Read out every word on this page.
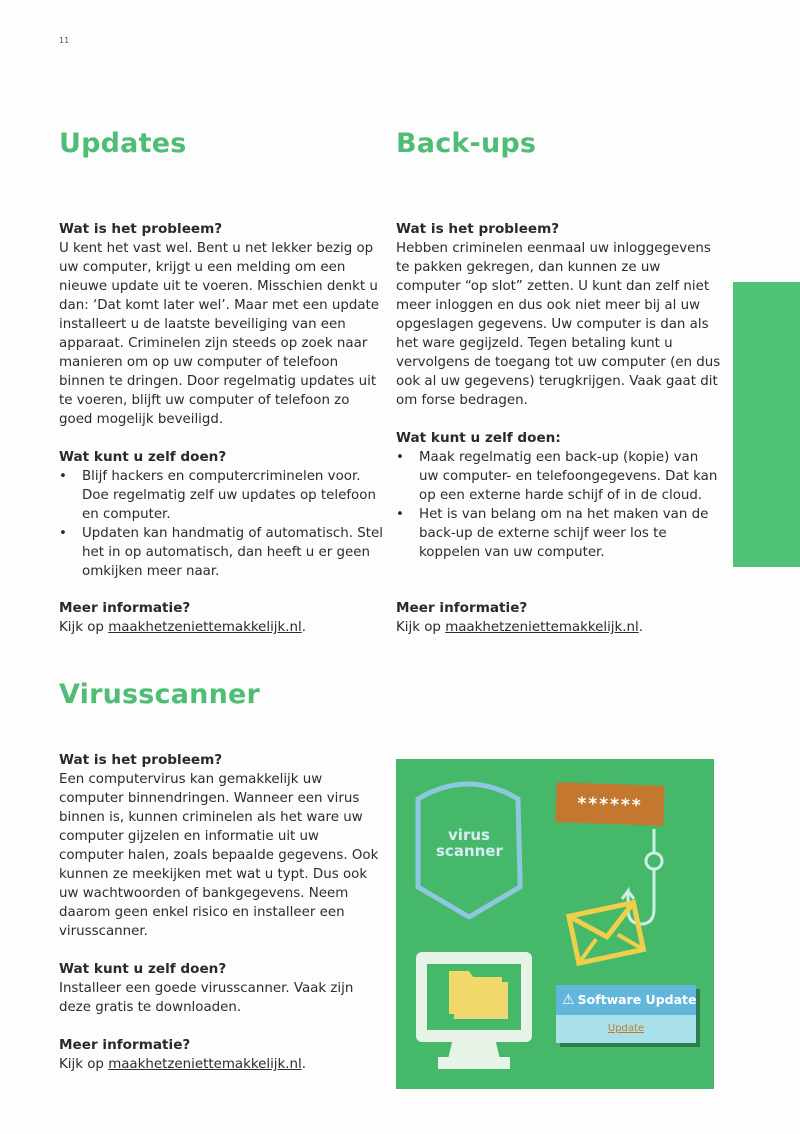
11
Updates
Wat is het probleem?

U kent het vast wel. Bent u net lekker bezig op uw computer, krijgt u een melding om een nieuwe update uit te voeren. Misschien denkt u dan: ‘Dat komt later wel’. Maar met een update installeert u de laatste beveiliging van een apparaat. Criminelen zijn steeds op zoek naar manieren om op uw computer of telefoon binnen te dringen. Door regelmatig updates uit te voeren, blijft uw computer of telefoon zo goed mogelijk beveiligd.

Wat kunt u zelf doen?
• Blijf hackers en computercriminelen voor. Doe regelmatig zelf uw updates op telefoon en computer.
• Updaten kan handmatig of automatisch. Stel het in op automatisch, dan heeft u er geen omkijken meer naar.
Meer informatie?

Kijk op maakhetzeniettemakkelijk.nl.

Back-ups
Wat is het probleem?

Hebben criminelen eenmaal uw inloggegevens te pakken gekregen, dan kunnen ze uw computer “op slot” zetten. U kunt dan zelf niet meer inloggen en dus ook niet meer bij al uw opgeslagen gegevens. Uw computer is dan als het ware gegijzeld. Tegen betaling kunt u vervolgens de toegang tot uw computer (en dus ook al uw gegevens) terugkrijgen. Vaak gaat dit om forse bedragen.

Wat kunt u zelf doen:
• Maak regelmatig een back-up (kopie) van uw computer- en telefoongegevens. Dat kan op een externe harde schijf of in de cloud.
• Het is van belang om na het maken van de back-up de externe schijf weer los te koppelen van uw computer.
Meer informatie?

Kijk op maakhetzeniettemakkelijk.nl.

Virusscanner
Wat is het probleem?

Een computervirus kan gemakkelijk uw computer binnendringen. Wanneer een virus binnen is, kunnen criminelen als het ware uw computer gijzelen en informatie uit uw computer halen, zoals bepaalde gegevens. Ook kunnen ze meekijken met wat u typt. Dus ook uw wachtwoorden of bankgegevens. Neem daarom geen enkel risico en installeer een virusscanner.

Wat kunt u zelf doen?

Installeer een goede virusscanner. Vaak zijn deze gratis te downloaden.

Meer informatie?

Kijk op maakhetzeniettemakkelijk.nl.

virus
scanner
******
⚠ Software Update
Update
